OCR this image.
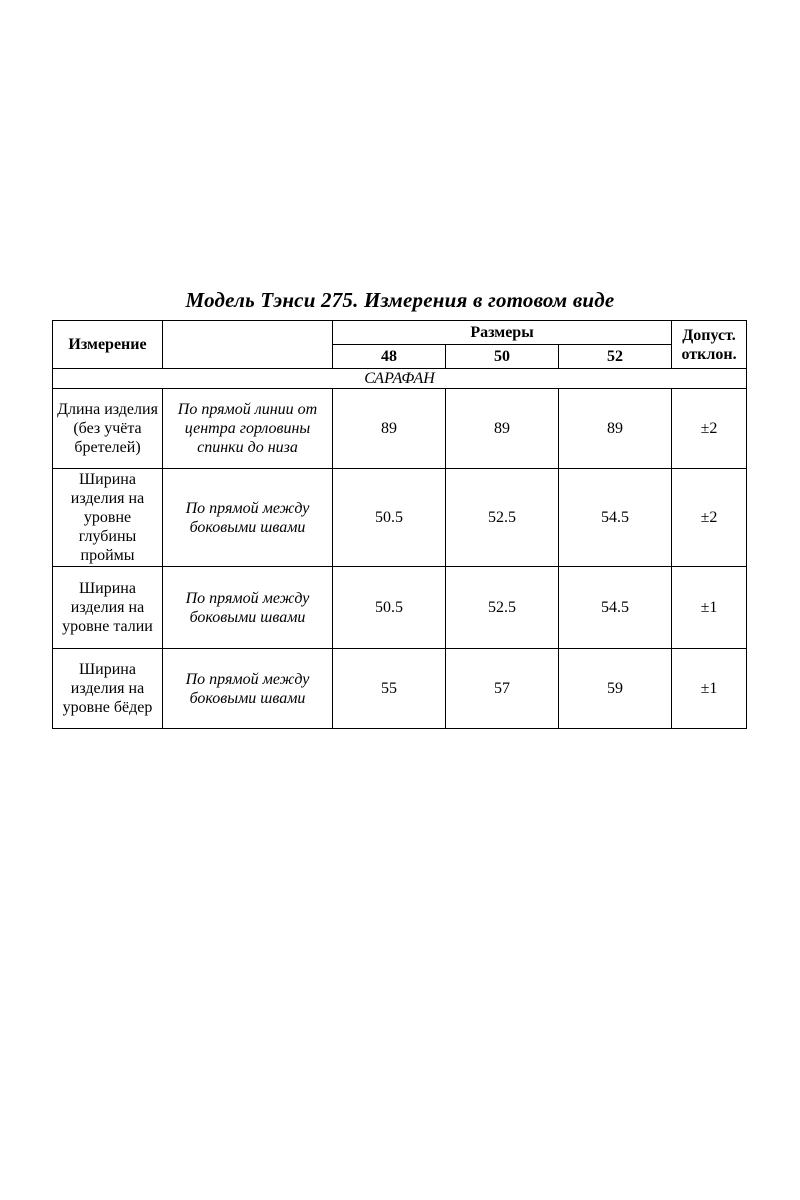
Модель Тэнси 275. Измерения в готовом виде
Измерение		Размеры			Допуст. отклон.
		48	50	52	
САРАФАН					
Длина изделия (без учёта бретелей)	По прямой линии от центра горловины спинки до низа	89	89	89	±2
Ширина изделия на уровне глубины проймы	По прямой между боковыми швами	50.5	52.5	54.5	±2
Ширина изделия на уровне талии	По прямой между боковыми швами	50.5	52.5	54.5	±1
Ширина изделия на уровне бёдер	По прямой между боковыми швами	55	57	59	±1
